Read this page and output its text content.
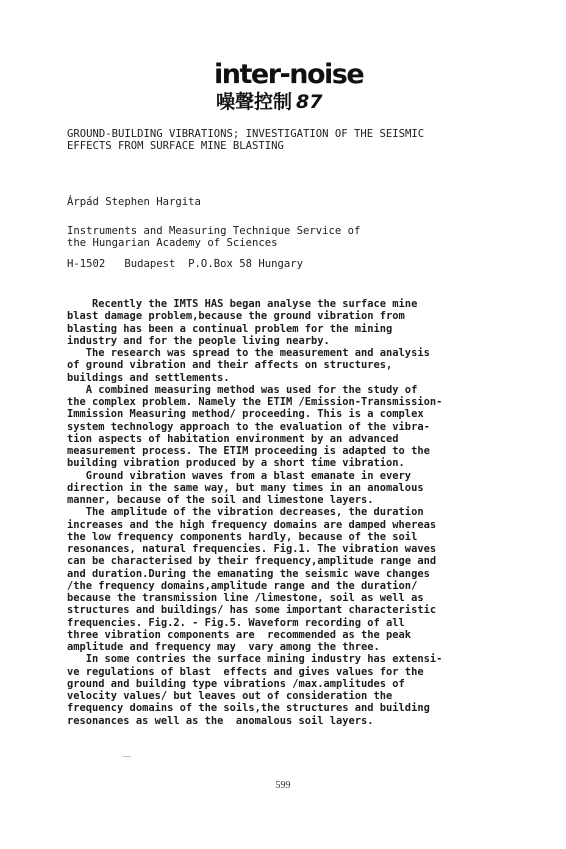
inter-noise
噪聲控制 87
GROUND-BUILDING VIBRATIONS; INVESTIGATION OF THE SEISMIC
EFFECTS FROM SURFACE MINE BLASTING
Árpád Stephen Hargita
Instruments and Measuring Technique Service of
the Hungarian Academy of Sciences
H-1502   Budapest  P.O.Box 58 Hungary
Recently the IMTS HAS began analyse the surface mine
blast damage problem,because the ground vibration from
blasting has been a continual problem for the mining
industry and for the people living nearby.
The research was spread to the measurement and analysis
of ground vibration and their affects on structures,
buildings and settlements.
A combined measuring method was used for the study of
the complex problem. Namely the ETIM /Emission-Transmission-
Immission Measuring method/ proceeding. This is a complex
system technology approach to the evaluation of the vibra-
tion aspects of habitation environment by an advanced
measurement process. The ETIM proceeding is adapted to the
building vibration produced by a short time vibration.
Ground vibration waves from a blast emanate in every
direction in the same way, but many times in an anomalous
manner, because of the soil and limestone layers.
The amplitude of the vibration decreases, the duration
increases and the high frequency domains are damped whereas
the low frequency components hardly, because of the soil
resonances, natural frequencies. Fig.1. The vibration waves
can be characterised by their frequency,amplitude range and
and duration.During the emanating the seismic wave changes
/the frequency domains,amplitude range and the duration/
because the transmission line /limestone, soil as well as
structures and buildings/ has some important characteristic
frequencies. Fig.2. - Fig.5. Waveform recording of all
three vibration components are  recommended as the peak
amplitude and frequency may  vary among the three.
In some contries the surface mining industry has extensi-
ve regulations of blast  effects and gives values for the
ground and building type vibrations /max.amplitudes of
velocity values/ but leaves out of consideration the
frequency domains of the soils,the structures and building
resonances as well as the  anomalous soil layers.
599
